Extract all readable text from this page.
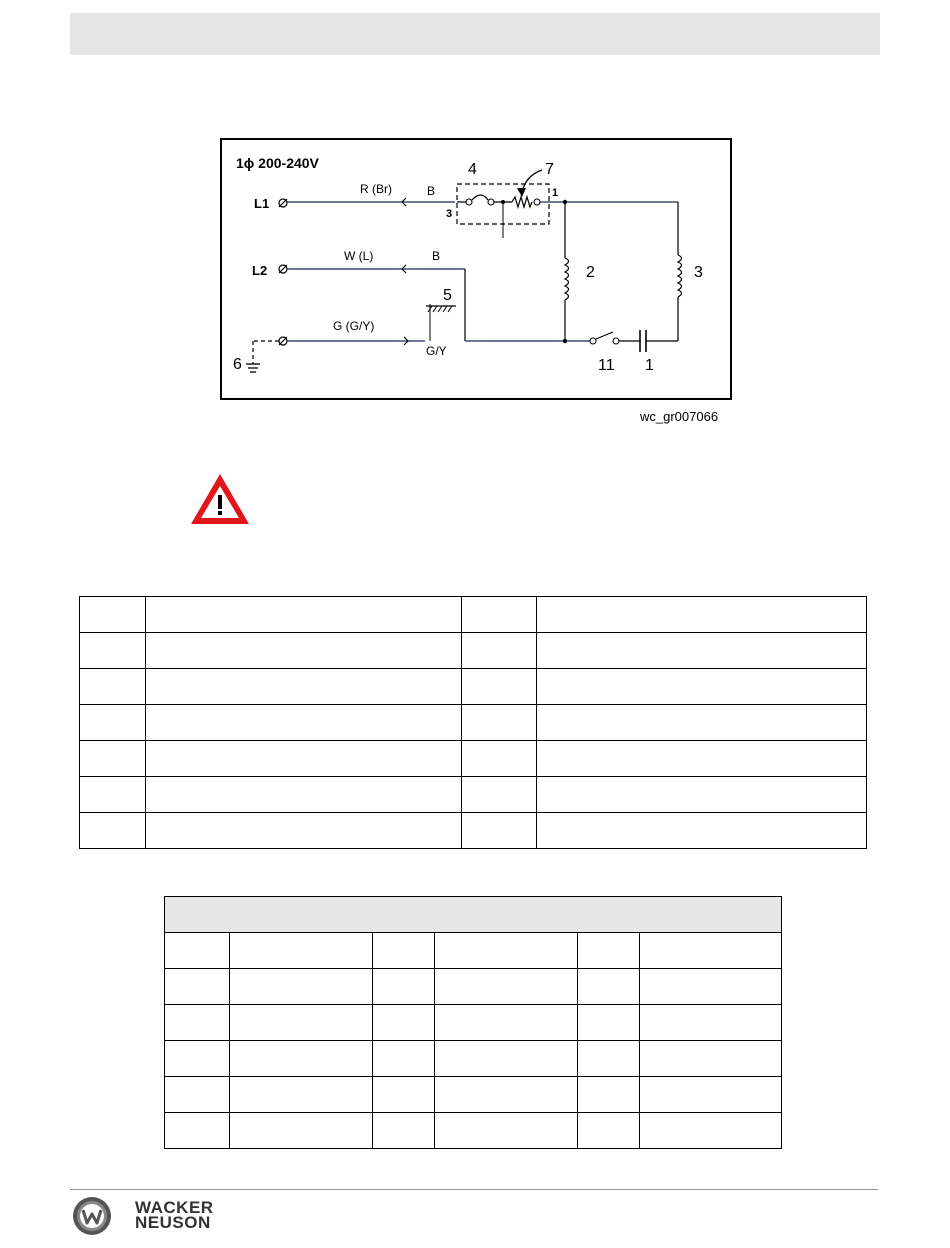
1ϕ 200-240V
L1
R (Br)	B
3
1
4	7
2	3
L2
W (L)	B
11 1
G (G/Y)
5
G/Y
6
wc_gr007066

WACKER
NEUSON
